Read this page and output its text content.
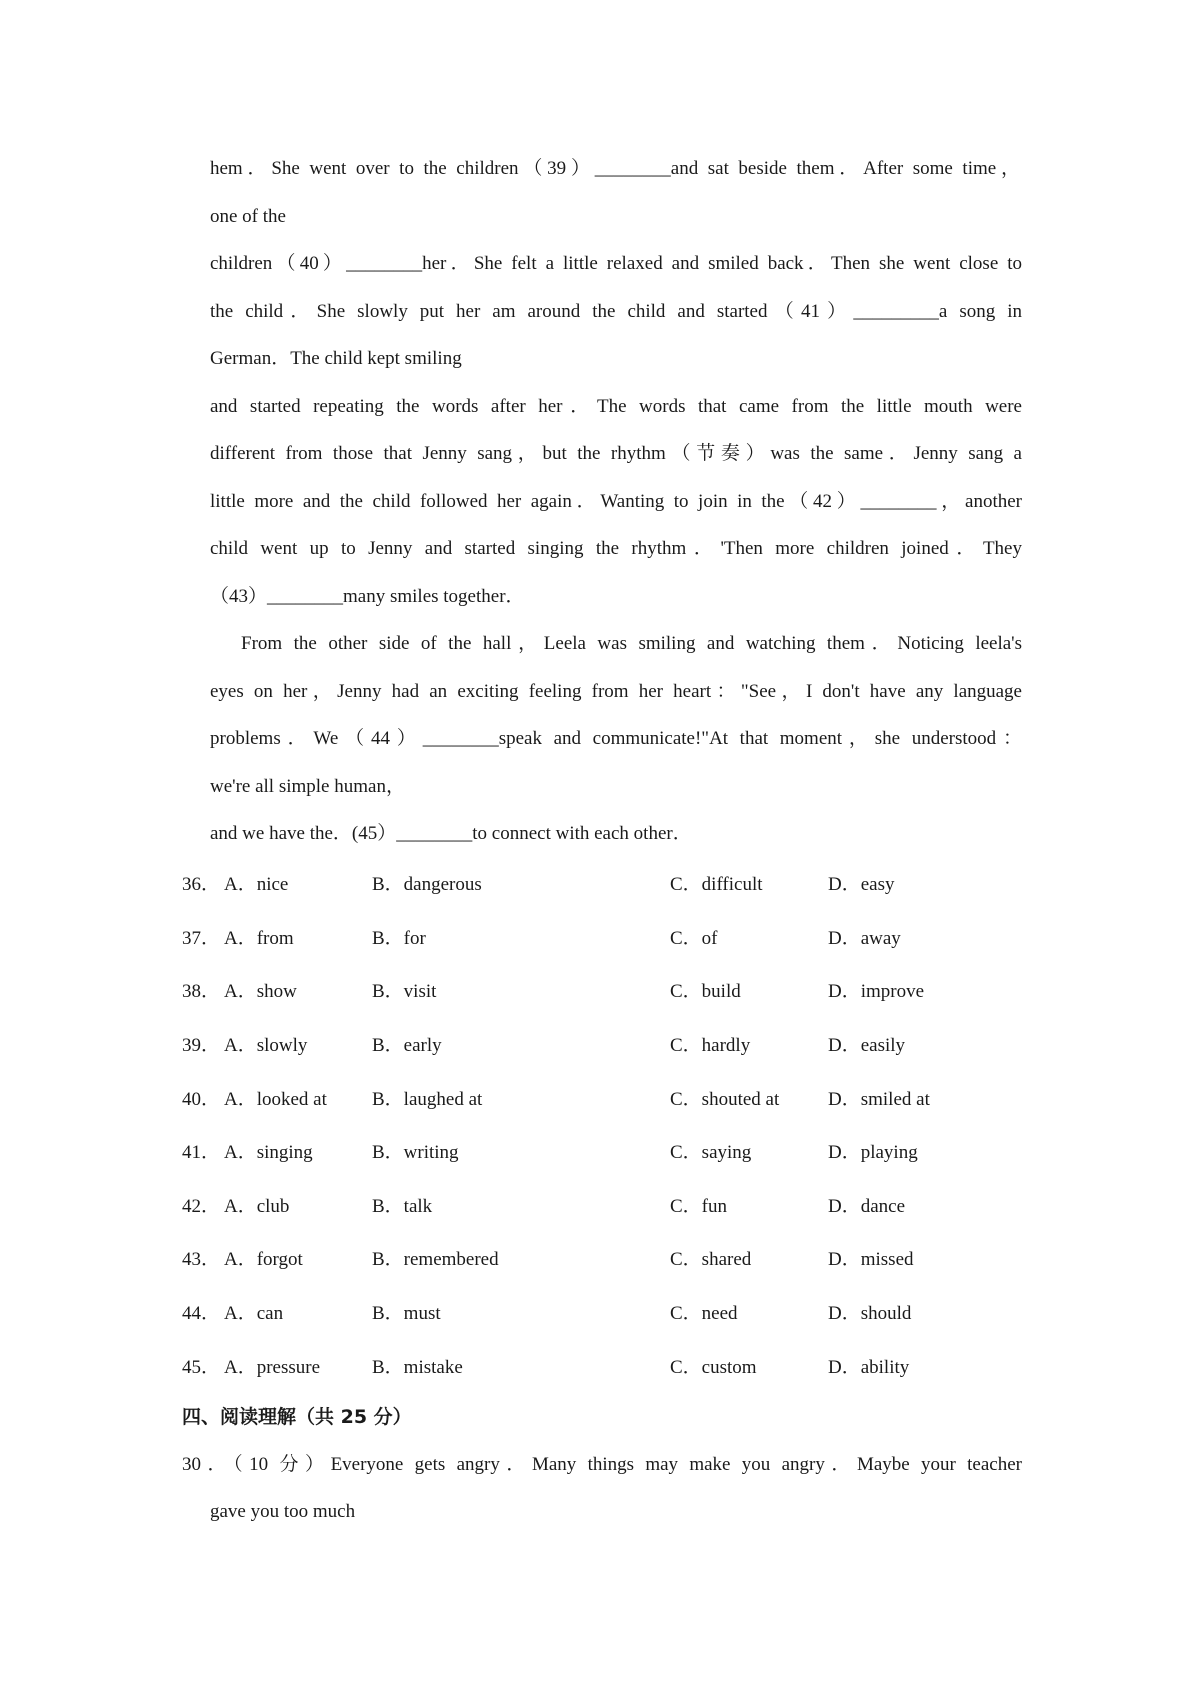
hem．She went over to the children（39）________and sat beside them．After some time，
one of the
children（40）________her．She felt a little relaxed and smiled back．Then she went close to
the child．She slowly put her am around the child and started（41）_________a song in
German．The child kept smiling
and started repeating the words after her．The words that came from the little mouth were
different from those that Jenny sang，but the rhythm（节奏）was the same．Jenny sang a
little more and the child followed her again．Wanting to join in the（42）________，another
child went up to Jenny and started singing the rhythm．'Then more children joined．They
（43）________many smiles together．
From the other side of the hall，Leela was smiling and watching them．Noticing leela's
eyes on her，Jenny had an exciting feeling from her heart："See，I don't have any language
problems．We（44）________speak and communicate!"At that moment，she understood：
we're all simple human，
and we have the．(45）________to connect with each other．
36． A．nice	B．dangerous	C．difficult	D．easy
37． A．from	B．for	C．of	D．away
38． A．show	B．visit	C．build	D．improve
39． A．slowly	B．early	C．hardly	D．easily
40． A．looked at B．laughed at	C．shouted at	D．smiled at
41． A．singing	B．writing	C．saying	D．playing
42． A．club	B．talk	C．fun	D．dance
43． A．forgot	B．remembered	C．shared	D．missed
44． A．can	B．must	C．need	D．should
45． A．pressure	B．mistake	C．custom	D．ability
四、阅读理解（共 25 分）
30．（10 分）Everyone gets angry．Many things may make you angry．Maybe your teacher
gave you too much
